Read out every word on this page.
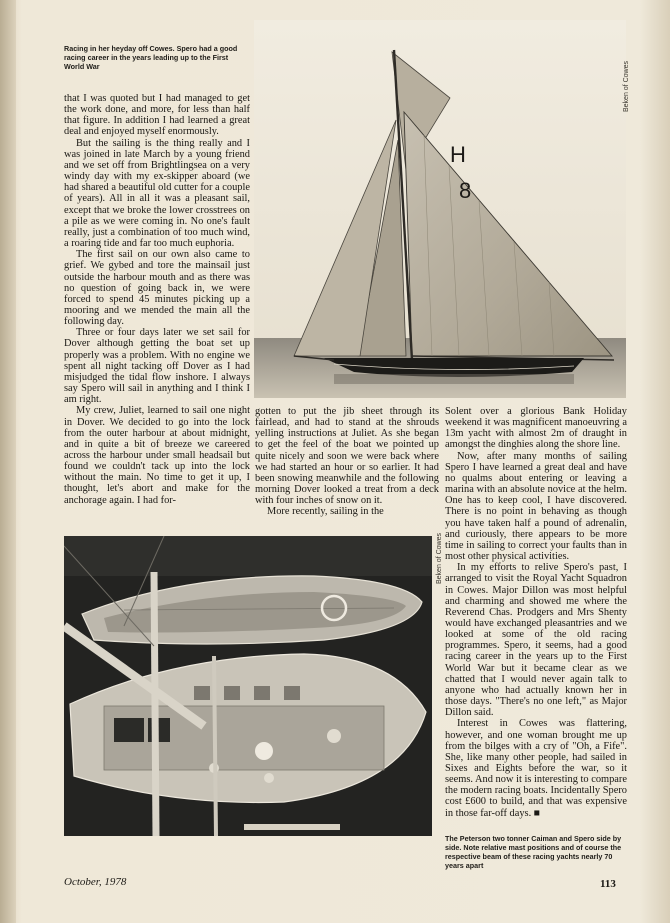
Racing in her heyday off Cowes. Spero had a good racing career in the years leading up to the First World War
H
8
Beken of Cowes

that I was quoted but I had managed to get the work done, and more, for less than half that figure. In addition I had learned a great deal and enjoyed myself enormously.

But the sailing is the thing really and I was joined in late March by a young friend and we set off from Brightlingsea on a very windy day with my ex-skipper aboard (we had shared a beautiful old cutter for a couple of years). All in all it was a pleasant sail, except that we broke the lower crosstrees on a pile as we were coming in. No one's fault really, just a combination of too much wind, a roaring tide and far too much euphoria.

The first sail on our own also came to grief. We gybed and tore the mainsail just outside the harbour mouth and as there was no question of going back in, we were forced to spend 45 minutes picking up a mooring and we mended the main all the following day.

Three or four days later we set sail for Dover although getting the boat set up properly was a problem. With no engine we spent all night tacking off Dover as I had misjudged the tidal flow inshore. I always say Spero will sail in anything and I think I am right.

My crew, Juliet, learned to sail one night in Dover. We decided to go into the lock from the outer harbour at about midnight, and in quite a bit of breeze we careered across the harbour under small headsail but found we couldn't tack up into the lock without the main. No time to get it up, I thought, let's abort and make for the anchorage again. I had for-

gotten to put the jib sheet through its fairlead, and had to stand at the shrouds yelling instructions at Juliet. As she began to get the feel of the boat we pointed up quite nicely and soon we were back where we had started an hour or so earlier. It had been snowing meanwhile and the following morning Dover looked a treat from a deck with four inches of snow on it.

More recently, sailing in the

Solent over a glorious Bank Holiday weekend it was magnificent manoeuvring a 13m yacht with almost 2m of draught in amongst the dinghies along the shore line.

Now, after many months of sailing Spero I have learned a great deal and have no qualms about entering or leaving a marina with an absolute novice at the helm. One has to keep cool, I have discovered. There is no point in behaving as though you have taken half a pound of adrenalin, and curiously, there appears to be more time in sailing to correct your faults than in most other physical activities.

In my efforts to relive Spero's past, I arranged to visit the Royal Yacht Squadron in Cowes. Major Dillon was most helpful and charming and showed me where the Reverend Chas. Prodgers and Mrs Shenty would have exchanged pleasantries and we looked at some of the old racing programmes. Spero, it seems, had a good racing career in the years up to the First World War but it became clear as we chatted that I would never again talk to anyone who had actually known her in those days. "There's no one left," as Major Dillon said.

Interest in Cowes was flattering, however, and one woman brought me up from the bilges with a cry of "Oh, a Fife". She, like many other people, had sailed in Sixes and Eights before the war, so it seems. And now it is interesting to compare the modern racing boats. Incidentally Spero cost £600 to build, and that was expensive in those far-off days. ■

Beken of Cowes
The Peterson two tonner Caiman and Spero side by side. Note relative mast positions and of course the respective beam of these racing yachts nearly 70 years apart
October, 1978	113
